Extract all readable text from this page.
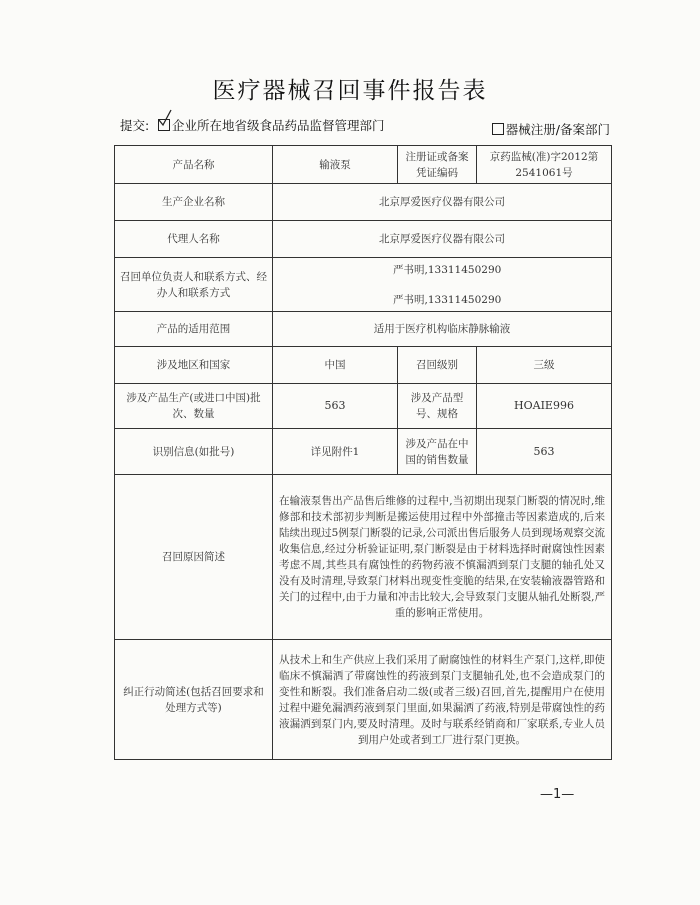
医疗器械召回事件报告表
提交:	企业所在地省级食品药品监督管理部门	器械注册/备案部门
产品名称	输液泵	注册证或备案凭证编码	京药监械(准)字2012第2541061号
生产企业名称	北京厚爱医疗仪器有限公司		
代理人名称	北京厚爱医疗仪器有限公司		
召回单位负责人和联系方式、经办人和联系方式	严书明,13311450290
严书明,13311450290		

产品的适用范围	适用于医疗机构临床静脉输液		
涉及地区和国家	中国	召回级别	三级
涉及产品生产(或进口中国)批次、数量	563	涉及产品型号、规格	HOAIE996
识别信息(如批号)	详见附件1	涉及产品在中国的销售数量	563
召回原因简述	在输液泵售出产品售后维修的过程中,当初期出现泵门断裂的情况时,维修部和技术部初步判断是搬运使用过程中外部撞击等因素造成的,后来陆续出现过5例泵门断裂的记录,公司派出售后服务人员到现场观察交流收集信息,经过分析验证证明,泵门断裂是由于材料选择时耐腐蚀性因素考虑不周,其些具有腐蚀性的药物药液不慎漏洒到泵门支腿的轴孔处又没有及时清理,导致泵门材料出现变性变脆的结果,在安装输液器管路和关门的过程中,由于力量和冲击比较大,会导致泵门支腿从轴孔处断裂,严重的影响正常使用。		
纠正行动简述(包括召回要求和处理方式等)	从技术上和生产供应上我们采用了耐腐蚀性的材料生产泵门,这样,即使临床不慎漏洒了带腐蚀性的药液到泵门支腿轴孔处,也不会造成泵门的变性和断裂。我们准备启动二级(或者三级)召回,首先,提醒用户在使用过程中避免漏洒药液到泵门里面,如果漏洒了药液,特别是带腐蚀性的药液漏洒到泵门内,要及时清理。及时与联系经销商和厂家联系,专业人员到用户处或者到工厂进行泵门更换。		
—1—
